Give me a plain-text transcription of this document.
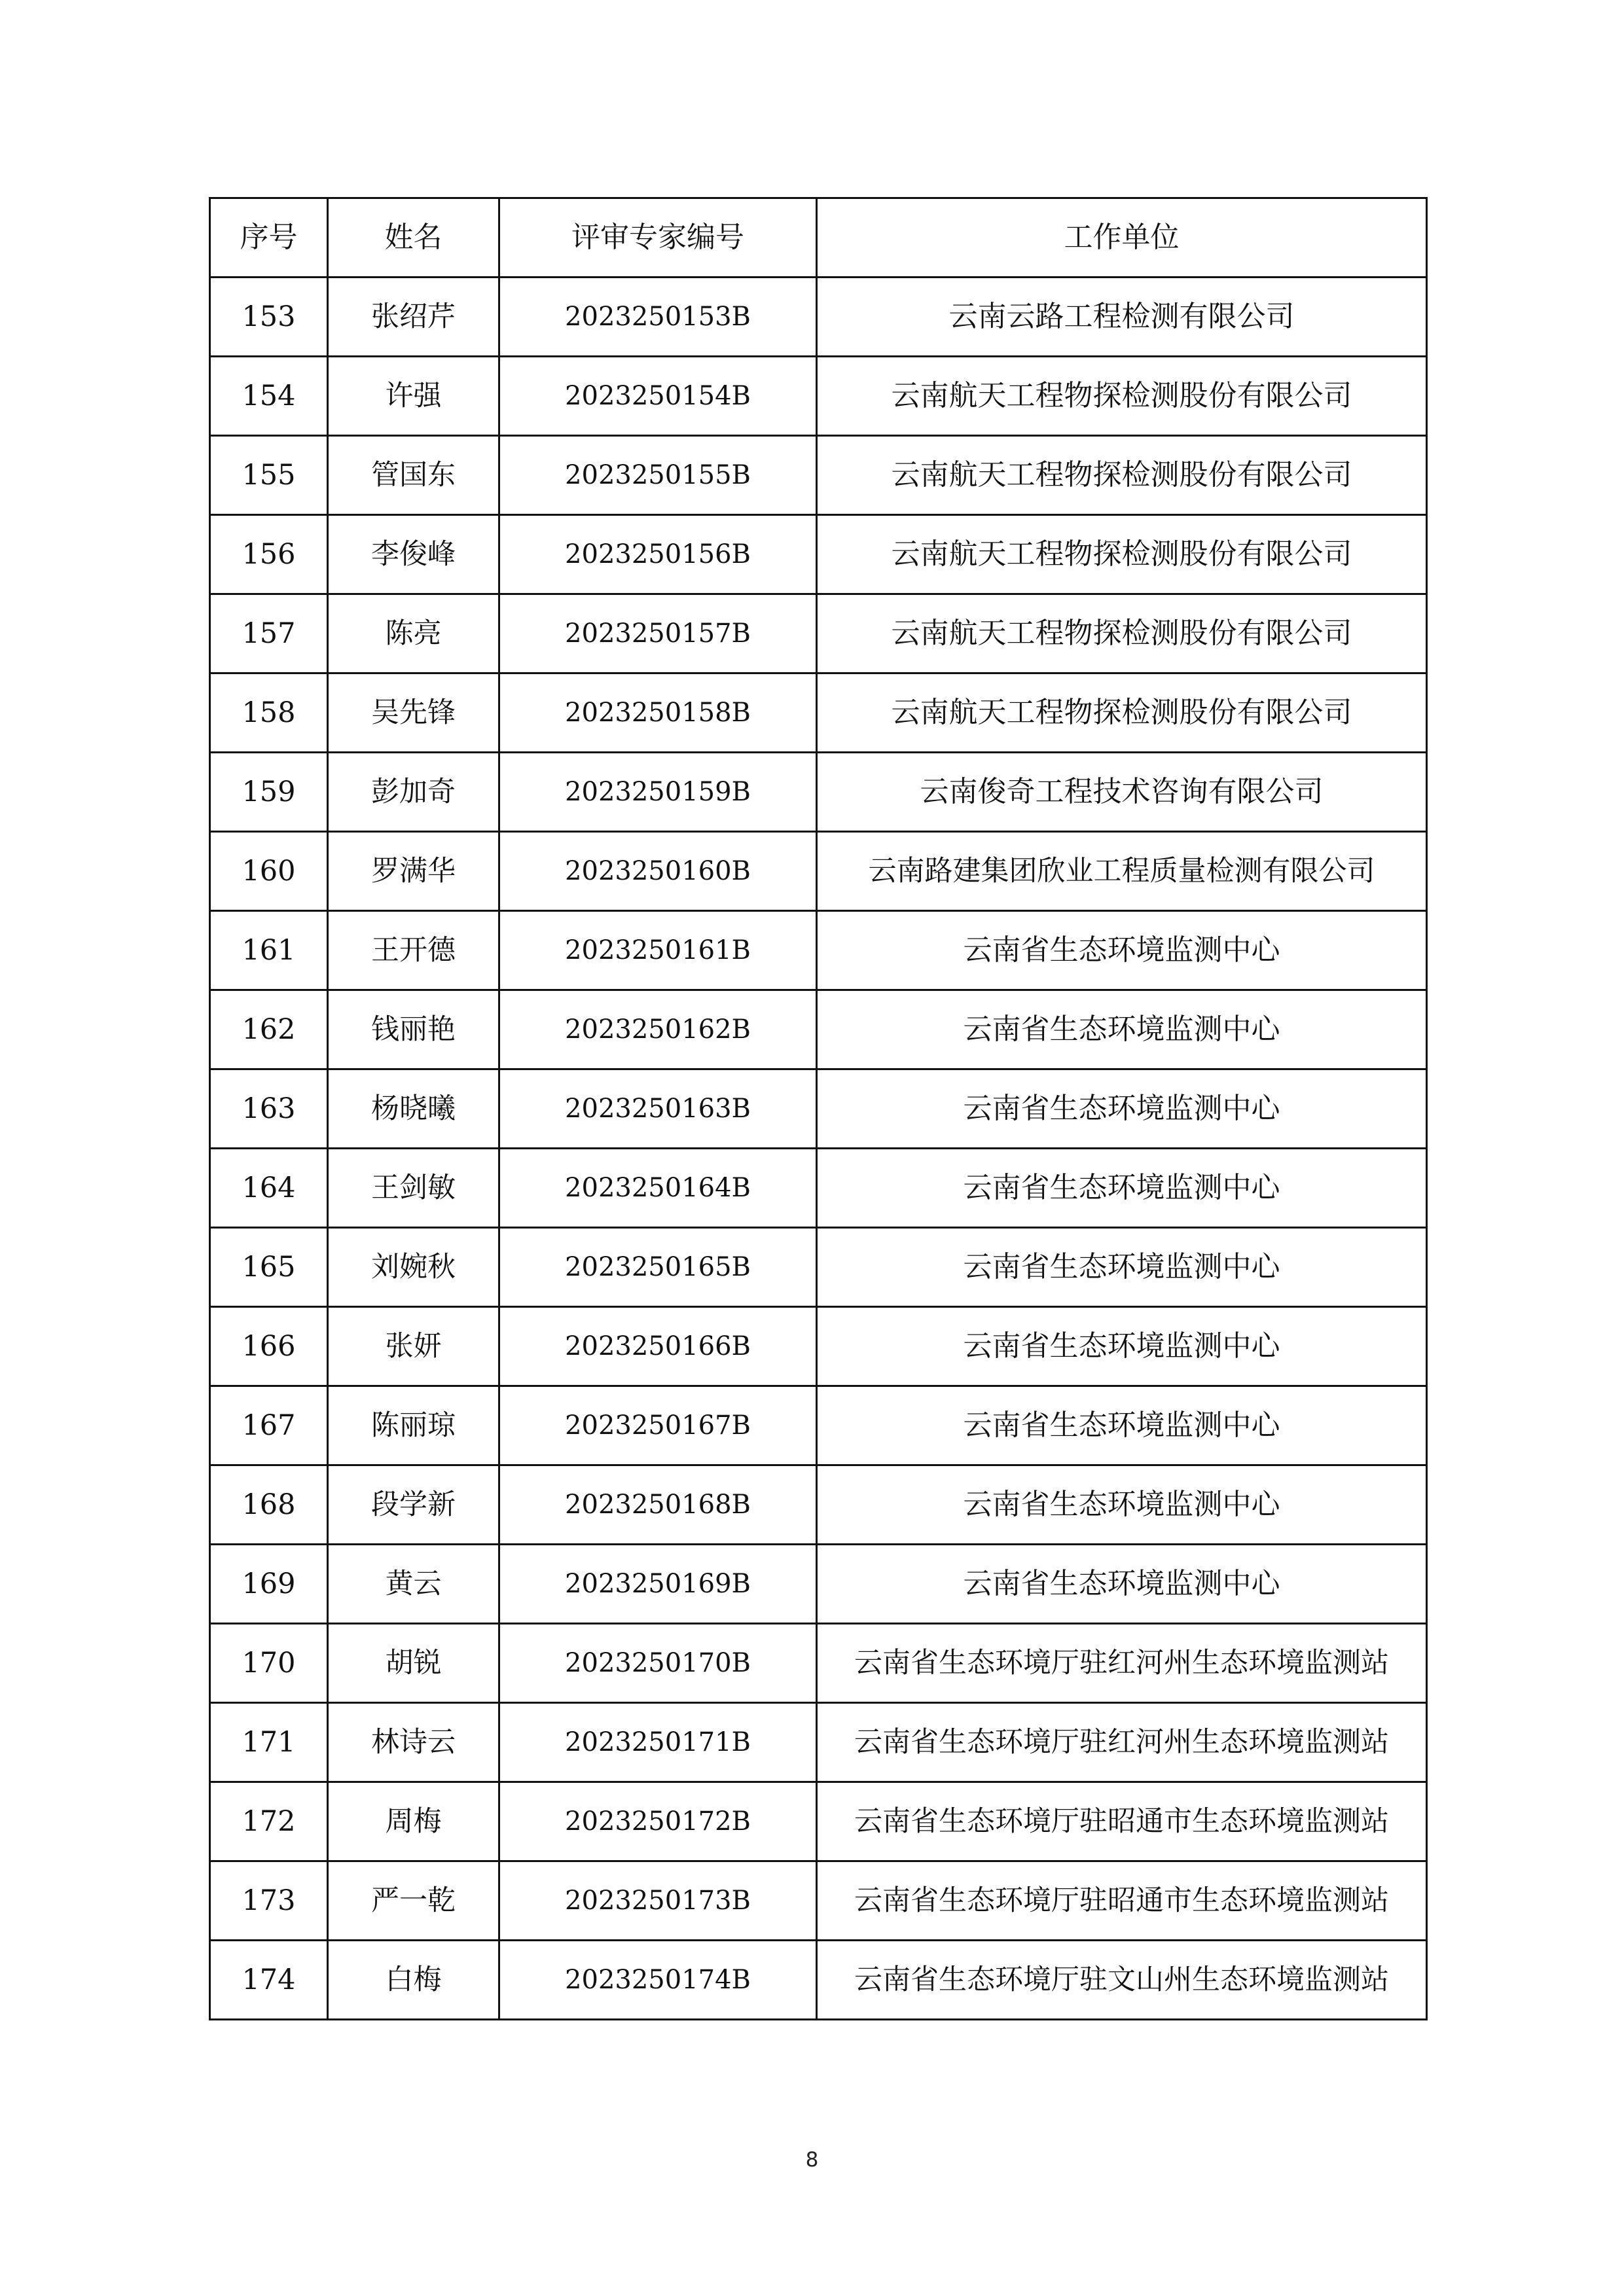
序号	姓名	评审专家编号	工作单位
153	张绍芹	2023250153B	云南云路工程检测有限公司
154	许强	2023250154B	云南航天工程物探检测股份有限公司
155	管国东	2023250155B	云南航天工程物探检测股份有限公司
156	李俊峰	2023250156B	云南航天工程物探检测股份有限公司
157	陈亮	2023250157B	云南航天工程物探检测股份有限公司
158	吴先锋	2023250158B	云南航天工程物探检测股份有限公司
159	彭加奇	2023250159B	云南俊奇工程技术咨询有限公司
160	罗满华	2023250160B	云南路建集团欣业工程质量检测有限公司
161	王开德	2023250161B	云南省生态环境监测中心
162	钱丽艳	2023250162B	云南省生态环境监测中心
163	杨晓曦	2023250163B	云南省生态环境监测中心
164	王剑敏	2023250164B	云南省生态环境监测中心
165	刘婉秋	2023250165B	云南省生态环境监测中心
166	张妍	2023250166B	云南省生态环境监测中心
167	陈丽琼	2023250167B	云南省生态环境监测中心
168	段学新	2023250168B	云南省生态环境监测中心
169	黄云	2023250169B	云南省生态环境监测中心
170	胡锐	2023250170B	云南省生态环境厅驻红河州生态环境监测站
171	林诗云	2023250171B	云南省生态环境厅驻红河州生态环境监测站
172	周梅	2023250172B	云南省生态环境厅驻昭通市生态环境监测站
173	严一乾	2023250173B	云南省生态环境厅驻昭通市生态环境监测站
174	白梅	2023250174B	云南省生态环境厅驻文山州生态环境监测站
8
